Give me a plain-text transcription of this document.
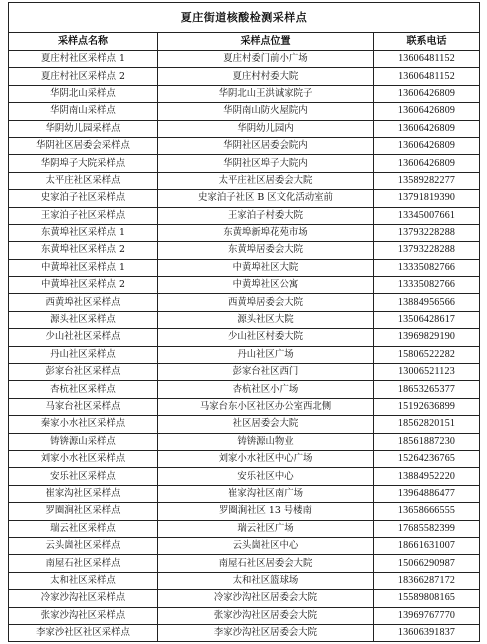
夏庄街道核酸检测采样点		
采样点名称	采样点位置	联系电话
夏庄村社区采样点 1	夏庄村委门前小广场	13606481152
夏庄村社区采样点 2	夏庄村村委大院	13606481152
华阴北山采样点	华阴北山王洪诚家院子	13606426809
华阴南山采样点	华阴南山防火屋院内	13606426809
华阴幼儿园采样点	华阴幼儿园内	13606426809
华阴社区居委会采样点	华阴社区居委会院内	13606426809
华阴埠子大院采样点	华阴社区埠子大院内	13606426809
太平庄社区采样点	太平庄社区居委会大院	13589282277
史家泊子社区采样点	史家泊子社区 B 区文化活动室前	13791819390
王家泊子社区采样点	王家泊子村委大院	13345007661
东黄埠社区采样点 1	东黄埠新埠花苑市场	13793228288
东黄埠社区采样点 2	东黄埠居委会大院	13793228288
中黄埠社区采样点 1	中黄埠社区大院	13335082766
中黄埠社区采样点 2	中黄埠社区公寓	13335082766
西黄埠社区采样点	西黄埠居委会大院	13884956566
源头社区采样点	源头社区大院	13506428617
少山社社区采样点	少山社区村委大院	13969829190
丹山社区采样点	丹山社区广场	15806522282
彭家台社区采样点	彭家台社区西门	13006521123
杏杭社区采样点	杏杭社区小广场	18653265377
马家台社区采样点	马家台东小区社区办公室西北侧	15192636899
秦家小水社区采样点	社区居委会大院	18562820151
铸锛源山采样点	铸锛源山物业	18561887230
刘家小水社区采样点	刘家小水社区中心广场	15264236765
安乐社区采样点	安乐社区中心	13884952220
崔家沟社区采样点	崔家沟社区南广场	13964886477
罗圈涧社区采样点	罗圈涧社区 13 号楼南	13658666555
瑞云社区采样点	瑞云社区广场	17685582399
云头崮社区采样点	云头崮社区中心	18661631007
南屋石社区采样点	南屋石社区居委会大院	15066290987
太和社区采样点	太和社区篮球场	18366287172
冷家沙沟社区采样点	冷家沙沟社区居委会大院	15589808165
张家沙沟社区采样点	张家沙沟社区居委会大院	13969767770
李家沙社区社区采样点	李家沙沟社区居委会大院	13606391837
